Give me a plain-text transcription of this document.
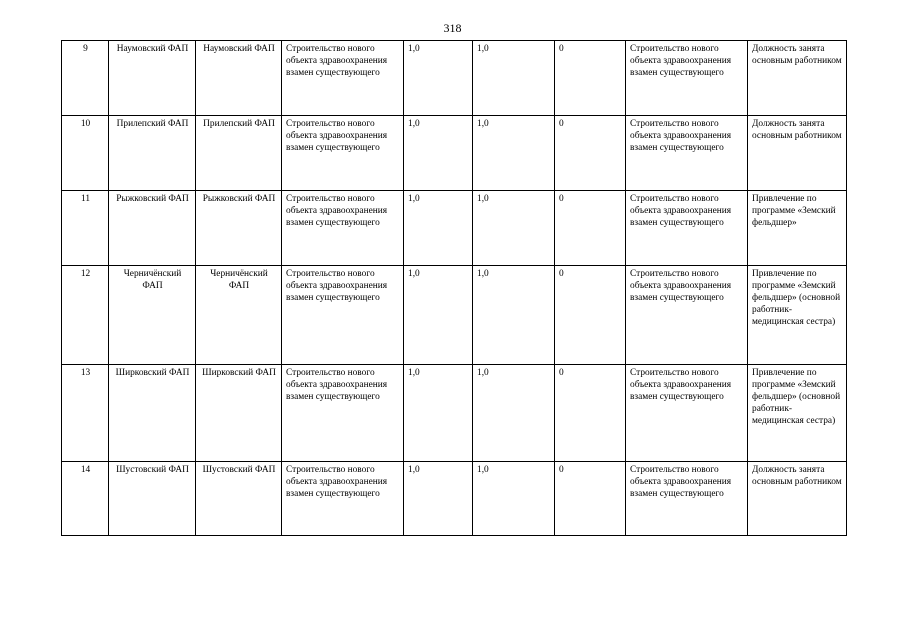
318
9	Наумовский ФАП	Наумовский ФАП	Строительство нового объекта здравоохранения взамен существующего	1,0	1,0	0	Строительство нового объекта здравоохранения взамен существующего	Должность занята основным работником
10	Прилепский ФАП	Прилепский ФАП	Строительство нового объекта здравоохранения взамен существующего	1,0	1,0	0	Строительство нового объекта здравоохранения взамен существующего	Должность занята основным работником
11	Рыжковский ФАП	Рыжковский ФАП	Строительство нового объекта здравоохранения взамен существующего	1,0	1,0	0	Строительство нового объекта здравоохранения взамен существующего	Привлечение по программе «Земский фельдшер»
12	Черничёнский ФАП	Черничёнский ФАП	Строительство нового объекта здравоохранения взамен существующего	1,0	1,0	0	Строительство нового объекта здравоохранения взамен существующего	Привлечение по программе «Земский фельдшер» (основной работник-медицинская сестра)
13	Ширковский ФАП	Ширковский ФАП	Строительство нового объекта здравоохранения взамен существующего	1,0	1,0	0	Строительство нового объекта здравоохранения взамен существующего	Привлечение по программе «Земский фельдшер» (основной работник-медицинская сестра)
14	Шустовский ФАП	Шустовский ФАП	Строительство нового объекта здравоохранения взамен существующего	1,0	1,0	0	Строительство нового объекта здравоохранения взамен существующего	Должность занята основным работником
